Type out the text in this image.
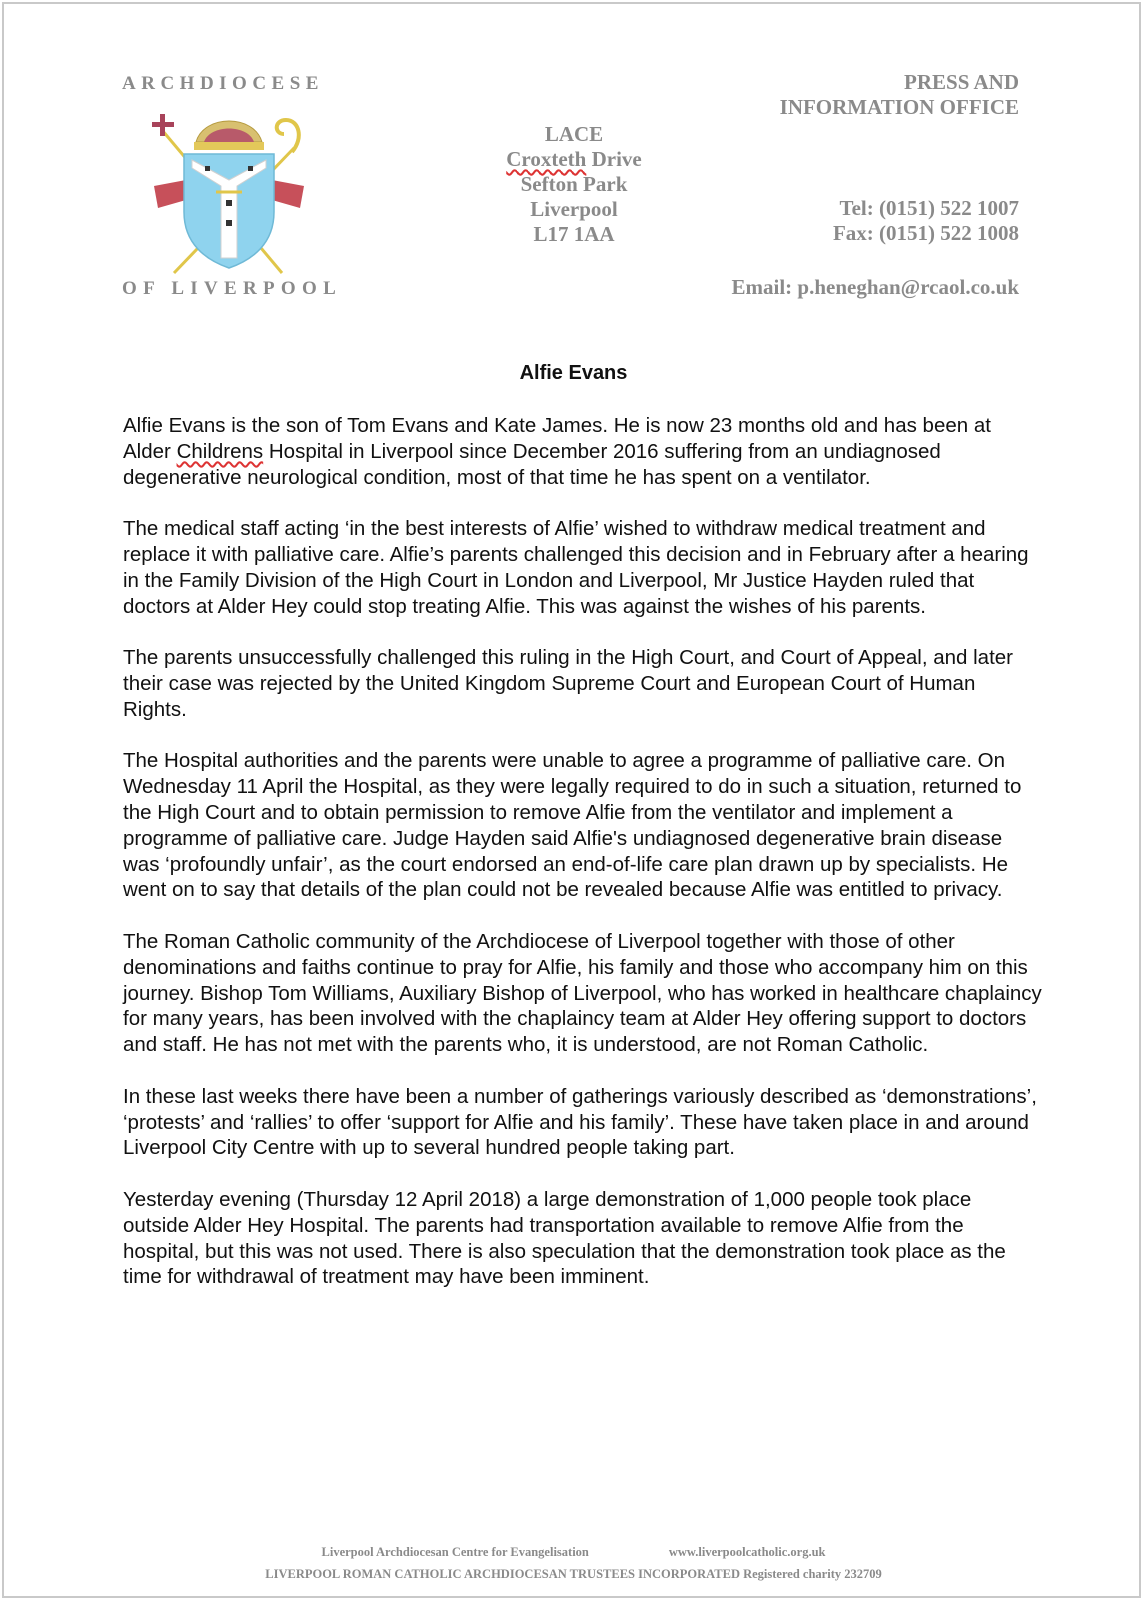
ARCHDIOCESE
OF LIVERPOOL
LACE
Croxteth Drive
Sefton Park
Liverpool
L17 1AA
PRESS AND
INFORMATION OFFICE
Tel: (0151) 522 1007
Fax: (0151) 522 1008
Email: p.heneghan@rcaol.co.uk
Alfie Evans

Alfie Evans is the son of Tom Evans and Kate James. He is now 23 months old and has been at Alder Childrens Hospital in Liverpool since December 2016 suffering from an undiagnosed degenerative neurological condition, most of that time he has spent on a ventilator.

The medical staff acting ‘in the best interests of Alfie’ wished to withdraw medical treatment and replace it with palliative care. Alfie’s parents challenged this decision and in February after a hearing in the Family Division of the High Court in London and Liverpool, Mr Justice Hayden ruled that doctors at Alder Hey could stop treating Alfie. This was against the wishes of his parents.

The parents unsuccessfully challenged this ruling in the High Court, and Court of Appeal, and later their case was rejected by the United Kingdom Supreme Court and European Court of Human Rights.

The Hospital authorities and the parents were unable to agree a programme of palliative care. On Wednesday 11 April the Hospital, as they were legally required to do in such a situation, returned to the High Court and to obtain permission to remove Alfie from the ventilator and implement a programme of palliative care. Judge Hayden said Alfie's undiagnosed degenerative brain disease was ‘profoundly unfair’, as the court endorsed an end-of-life care plan drawn up by specialists. He went on to say that details of the plan could not be revealed because Alfie was entitled to privacy.

The Roman Catholic community of the Archdiocese of Liverpool together with those of other denominations and faiths continue to pray for Alfie, his family and those who accompany him on this journey. Bishop Tom Williams, Auxiliary Bishop of Liverpool, who has worked in healthcare chaplaincy for many years, has been involved with the chaplaincy team at Alder Hey offering support to doctors and staff. He has not met with the parents who, it is understood, are not Roman Catholic.

In these last weeks there have been a number of gatherings variously described as ‘demonstrations’, ‘protests’ and ‘rallies’ to offer ‘support for Alfie and his family’. These have taken place in and around Liverpool City Centre with up to several hundred people taking part.

Yesterday evening (Thursday 12 April 2018) a large demonstration of 1,000 people took place outside Alder Hey Hospital. The parents had transportation available to remove Alfie from the hospital, but this was not used. There is also speculation that the demonstration took place as the time for withdrawal of treatment may have been imminent.

Liverpool Archdiocesan Centre for Evangelisation	www.liverpoolcatholic.org.uk
LIVERPOOL ROMAN CATHOLIC ARCHDIOCESAN TRUSTEES INCORPORATED Registered charity 232709
